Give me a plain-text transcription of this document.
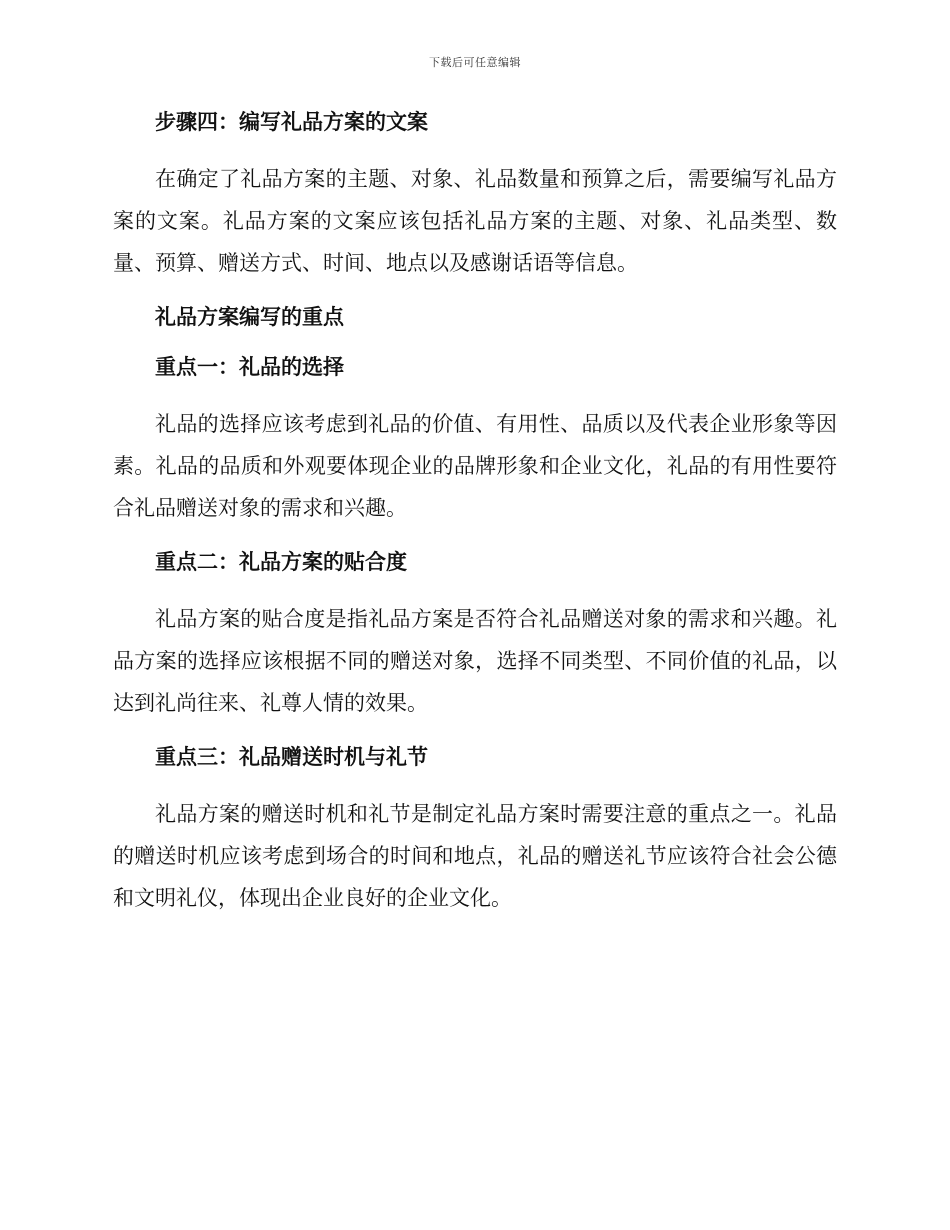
下载后可任意编辑
步骤四：编写礼品方案的文案

在确定了礼品方案的主题、对象、礼品数量和预算之后，需要编写礼品方案的文案。礼品方案的文案应该包括礼品方案的主题、对象、礼品类型、数量、预算、赠送方式、时间、地点以及感谢话语等信息。

礼品方案编写的重点
重点一：礼品的选择

礼品的选择应该考虑到礼品的价值、有用性、品质以及代表企业形象等因素。礼品的品质和外观要体现企业的品牌形象和企业文化，礼品的有用性要符合礼品赠送对象的需求和兴趣。

重点二：礼品方案的贴合度

礼品方案的贴合度是指礼品方案是否符合礼品赠送对象的需求和兴趣。礼品方案的选择应该根据不同的赠送对象，选择不同类型、不同价值的礼品，以达到礼尚往来、礼尊人情的效果。

重点三：礼品赠送时机与礼节

礼品方案的赠送时机和礼节是制定礼品方案时需要注意的重点之一。礼品的赠送时机应该考虑到场合的时间和地点，礼品的赠送礼节应该符合社会公德和文明礼仪，体现出企业良好的企业文化。
